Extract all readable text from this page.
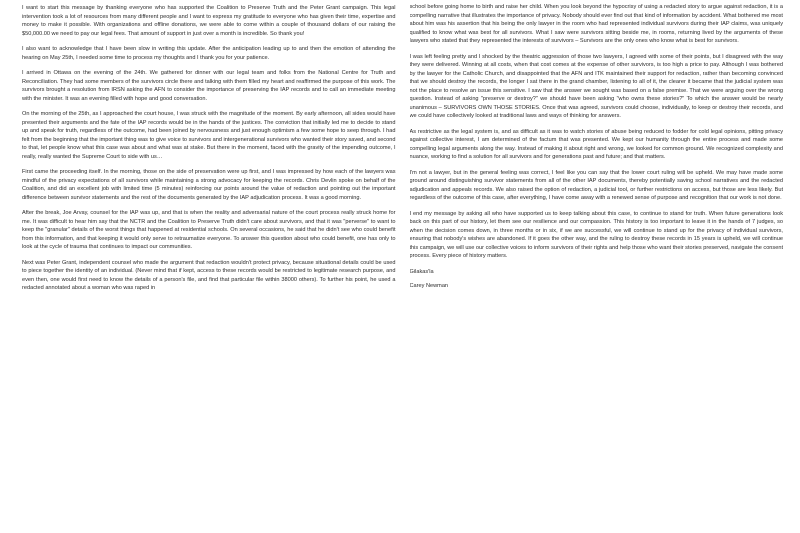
I want to start this message by thanking everyone who has supported the Coalition to Preserve Truth and the Peter Grant campaign. This legal intervention took a lot of resources from many different people and I want to express my gratitude to everyone who has given their time, expertise and money to make it possible. With organizations and offline donations, we were able to come within a couple of thousand dollars of our raising the $50,000.00 we need to pay our legal fees. That amount of support in just over a month is incredible. So thank you!

I also want to acknowledge that I have been slow in writing this update. After the anticipation leading up to and then the emotion of attending the hearing on May 25th, I needed some time to process my thoughts and I thank you for your patience.

I arrived in Ottawa on the evening of the 24th. We gathered for dinner with our legal team and folks from the National Centre for Truth and Reconciliation. They had some members of the survivors circle there and talking with them filled my heart and reaffirmed the purpose of this work. The survivors brought a resolution from IRSN asking the AFN to consider the importance of preserving the IAP records and to call an immediate meeting with the minister. It was an evening filled with hope and good conversation.

On the morning of the 25th, as I approached the court house, I was struck with the magnitude of the moment. By early afternoon, all sides would have presented their arguments and the fate of the IAP records would be in the hands of the justices. The conviction that initially led me to decide to stand up and speak for truth, regardless of the outcome, had been joined by nervousness and just enough optimism a few some hope to seep through. I had felt from the beginning that the important thing was to give voice to survivors and intergenerational survivors who wanted their story saved, and second to that, let people know what this case was about and what was at stake. But there in the moment, faced with the gravity of the impending outcome, I really, really wanted the Supreme Court to side with us…

First came the proceeding itself. In the morning, those on the side of preservation were up first, and I was impressed by how each of the lawyers was mindful of the privacy expectations of all survivors while maintaining a strong advocacy for keeping the records. Chris Devlin spoke on behalf of the Coalition, and did an excellent job with limited time (5 minutes) reinforcing our points around the value of redaction and pointing out the important difference between survivor statements and the rest of the documents generated by the IAP adjudication process. It was a good morning.

After the break, Joe Arvay, counsel for the IAP was up, and that is when the reality and adversarial nature of the court process really struck home for me. It was difficult to hear him say that the NCTR and the Coalition to Preserve Truth didn't care about survivors, and that it was "perverse" to want to keep the "granular" details of the worst things that happened at residential schools. On several occasions, he said that he didn't see who could benefit from this information, and that keeping it would only serve to retraumatize everyone. To answer this question about who could benefit, one has only to look at the cycle of trauma that continues to impact our communities.

Next was Peter Grant, independent counsel who made the argument that redaction wouldn't protect privacy, because situational details could be used to piece together the identity of an individual. (Never mind that if kept, access to these records would be restricted to legitimate research purpose, and even then, one would first need to know the details of a person's file, and find that particular file within 38000 others). To further his point, he used a redacted annotated about a woman who was raped in

school before going home to birth and raise her child. When you look beyond the hypocrisy of using a redacted story to argue against redaction, it is a compelling narrative that illustrates the importance of privacy. Nobody should ever find out that kind of information by accident. What bothered me most about him was his assertion that his being the only lawyer in the room who had represented individual survivors during their IAP claims, was uniquely qualified to know what was best for all survivors. What I saw were survivors sitting beside me, in rooms, returning lived by the arguments of these lawyers who stated that they represented the interests of survivors – Survivors are the only ones who know what is best for survivors.

I was left feeling pretty and I shocked by the theatric aggression of those two lawyers, I agreed with some of their points, but I disagreed with the way they were delivered. Winning at all costs, when that cost comes at the expense of other survivors, is too high a price to pay. Although I was bothered by the lawyer for the Catholic Church, and disappointed that the AFN and ITK maintained their support for redaction, rather than becoming convinced that we should destroy the records, the longer I sat there in the grand chamber, listening to all of it, the clearer it became that the judicial system was not the place to resolve an issue this sensitive. I saw that the answer we sought was based on a false premise. That we were arguing over the wrong question. Instead of asking "preserve or destroy?" we should have been asking "who owns these stories?" To which the answer would be nearly unanimous – SURVIVORS OWN THOSE STORIES. Once that was agreed, survivors could choose, individually, to keep or destroy their records, and we could have collectively looked at traditional laws and ways of thinking for answers.

As restrictive as the legal system is, and as difficult as it was to watch stories of abuse being reduced to fodder for cold legal opinions, pitting privacy against collective interest, I am determined of the factum that was presented. We kept our humanity through the entire process and made some compelling legal arguments along the way. Instead of making it about right and wrong, we looked for common ground. We recognized complexity and nuance, working to find a solution for all survivors and for generations past and future; and that matters.

I'm not a lawyer, but in the general feeling was correct, I feel like you can say that the lower court ruling will be upheld. We may have made some ground around distinguishing survivor statements from all of the other IAP documents, thereby potentially saving school narratives and the redacted adjudication and appeals records. We also raised the option of redaction, a judicial tool, or further restrictions on access, but those are less likely. But regardless of the outcome of this case, after everything, I have come away with a renewed sense of purpose and recognition that our work is not done.

I end my message by asking all who have supported us to keep talking about this case, to continue to stand for truth. When future generations look back on this part of our history, let them see our resilience and our compassion. This history is too important to leave it in the hands of 7 judges, so when the decision comes down, in three months or in six, if we are successful, we will continue to stand up for the privacy of individual survivors, ensuring that nobody's wishes are abandoned. If it goes the other way, and the ruling to destroy these records in 15 years is upheld, we will continue this campaign, we will use our collective voices to inform survivors of their rights and help those who want their stories preserved, navigate the consent process. Every piece of history matters.

Gilakas'la
Carey Newman
